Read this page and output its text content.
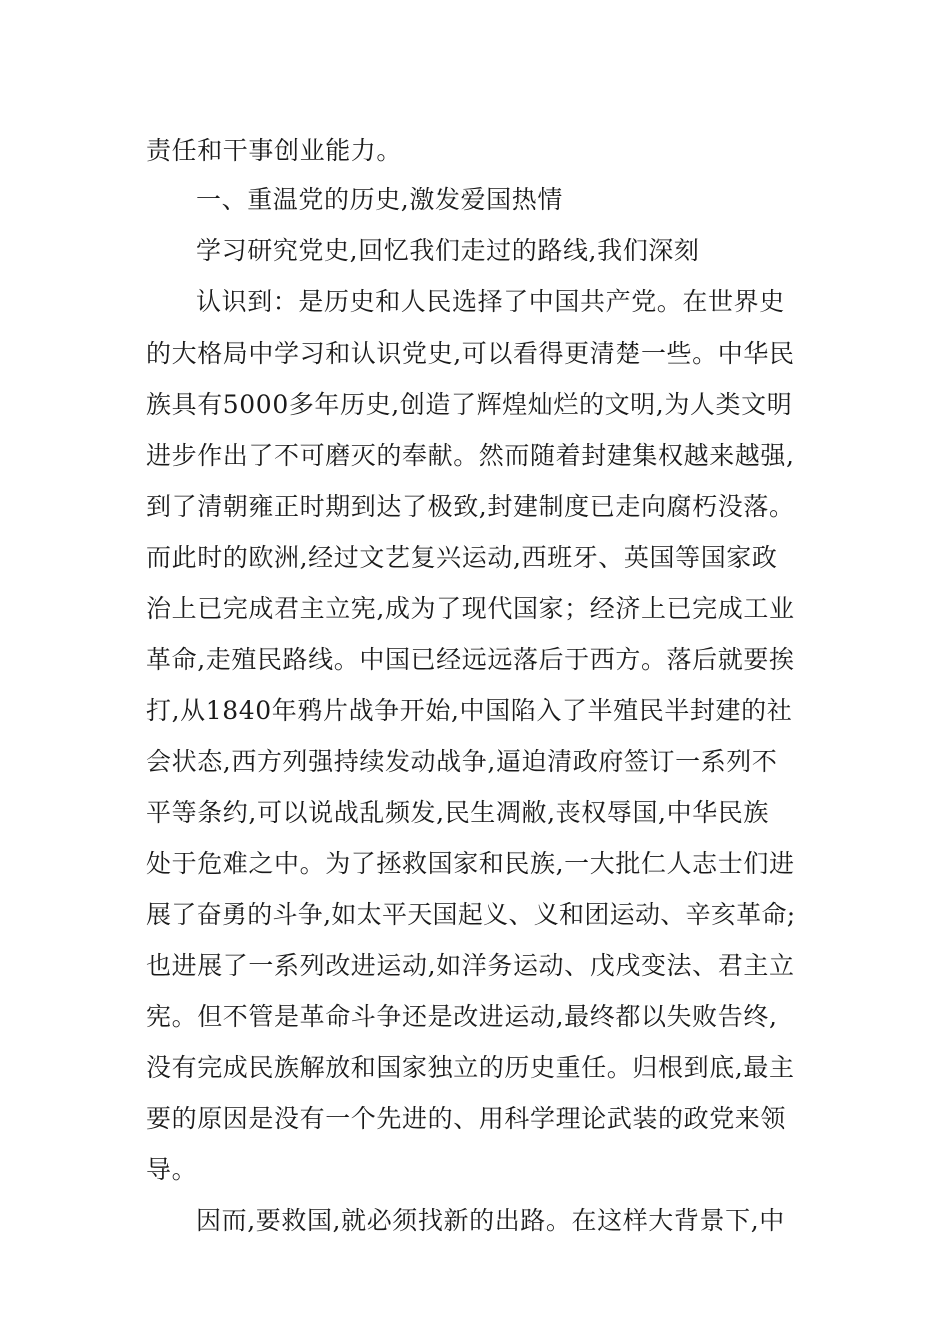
责任和干事创业能力。

一、重温党的历史,激发爱国热情

学习研究党史,回忆我们走过的路线,我们深刻

认识到：是历史和人民选择了中国共产党。在世界史

的大格局中学习和认识党史,可以看得更清楚一些。中华民

族具有5000多年历史,创造了辉煌灿烂的文明,为人类文明

进步作出了不可磨灭的奉献。然而随着封建集权越来越强,

到了清朝雍正时期到达了极致,封建制度已走向腐朽没落。

而此时的欧洲,经过文艺复兴运动,西班牙、英国等国家政

治上已完成君主立宪,成为了现代国家；经济上已完成工业

革命,走殖民路线。中国已经远远落后于西方。落后就要挨

打,从1840年鸦片战争开始,中国陷入了半殖民半封建的社

会状态,西方列强持续发动战争,逼迫清政府签订一系列不

平等条约,可以说战乱频发,民生凋敝,丧权辱国,中华民族

处于危难之中。为了拯救国家和民族,一大批仁人志士们进

展了奋勇的斗争,如太平天国起义、义和团运动、辛亥革命;

也进展了一系列改进运动,如洋务运动、戊戌变法、君主立

宪。但不管是革命斗争还是改进运动,最终都以失败告终,

没有完成民族解放和国家独立的历史重任。归根到底,最主

要的原因是没有一个先进的、用科学理论武装的政党来领

导。

因而,要救国,就必须找新的出路。在这样大背景下,中
